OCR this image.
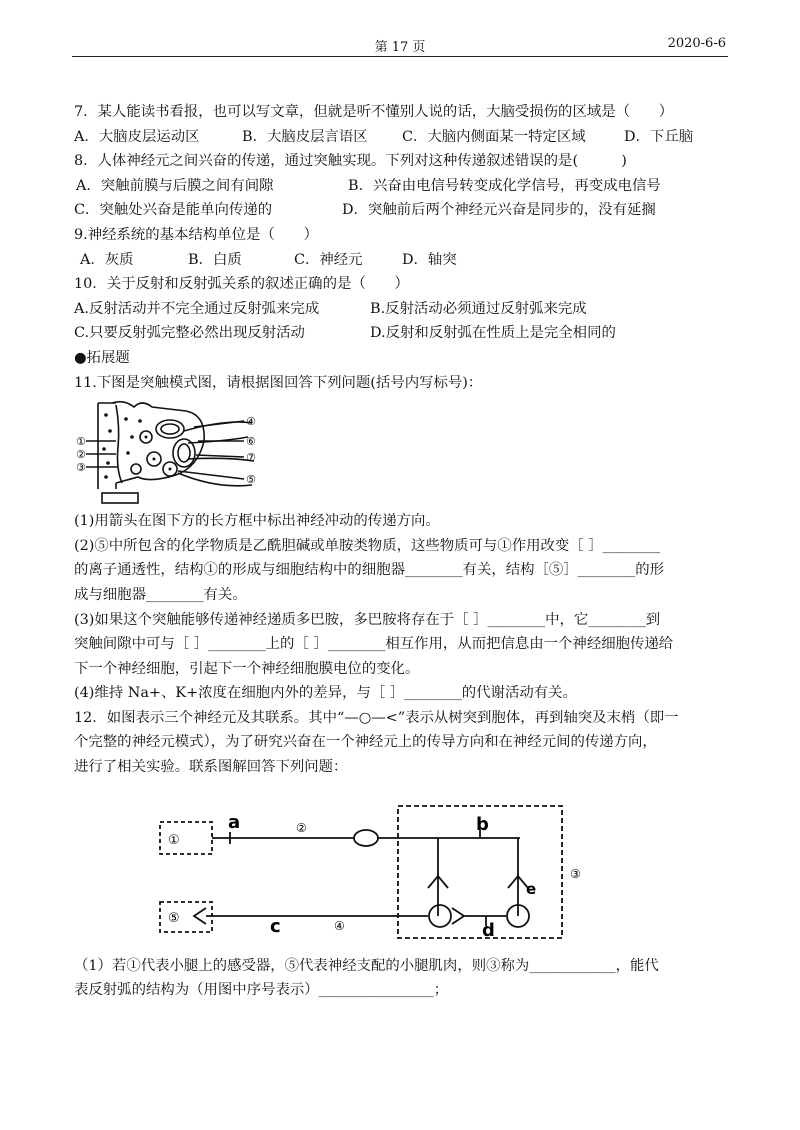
第 17 页	2020-6-6
7．某人能读书看报，也可以写文章，但就是听不懂别人说的话，大脑受损伤的区域是（　　）
A．大脑皮层运动区	B．大脑皮层言语区	C．大脑内侧面某一特定区域	D．下丘脑
8．人体神经元之间兴奋的传递，通过突触实现。下列对这种传递叙述错误的是(　　　)
A．突触前膜与后膜之间有间隙	B．兴奋由电信号转变成化学信号，再变成电信号
C．突触处兴奋是能单向传递的	D．突触前后两个神经元兴奋是同步的，没有延搁
9.神经系统的基本结构单位是（　　）
A．灰质	B．白质	C．神经元	D．轴突
10．关于反射和反射弧关系的叙述正确的是（　　）
A.反射活动并不完全通过反射弧来完成	B.反射活动必须通过反射弧来完成
C.只要反射弧完整必然出现反射活动	D.反射和反射弧在性质上是完全相同的
●拓展题
11.下图是突触模式图，请根据图回答下列问题(括号内写标号)：
①
②
③
④
⑤
⑥
⑦
(1)用箭头在图下方的长方框中标出神经冲动的传递方向。
(2)⑤中所包含的化学物质是乙酰胆碱或单胺类物质，这些物质可与①作用改变［ ］________
的离子通透性，结构①的形成与细胞结构中的细胞器________有关，结构［⑤］________的形
成与细胞器________有关。
(3)如果这个突触能够传递神经递质多巴胺，多巴胺将存在于［ ］________中，它________到
突触间隙中可与［ ］________上的［ ］________相互作用，从而把信息由一个神经细胞传递给
下一个神经细胞，引起下一个神经细胞膜电位的变化。
(4)维持 Na+、K+浓度在细胞内外的差异，与［ ］________的代谢活动有关。
12．如图表示三个神经元及其联系。其中“—○—<”表示从树突到胞体，再到轴突及末梢（即一
个完整的神经元模式），为了研究兴奋在一个神经元上的传导方向和在神经元间的传递方向，
进行了相关实验。联系图解回答下列问题：
①
a	②	b
③
e
⑤	c	④	d
（1）若①代表小腿上的感受器，⑤代表神经支配的小腿肌肉，则③称为____________，能代
表反射弧的结构为（用图中序号表示）________________；
